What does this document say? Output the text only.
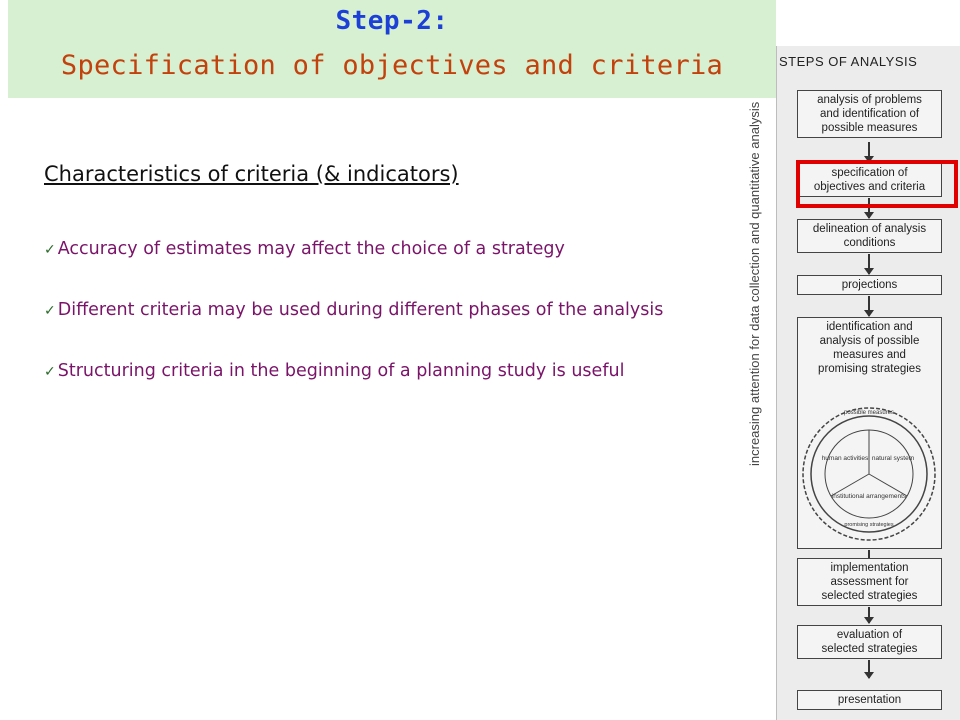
Step-2:
Specification of objectives and criteria
Characteristics of criteria (& indicators)
✓ Accuracy of estimates may affect the choice of a strategy
✓ Different criteria may be used during different phases of the analysis
✓ Structuring criteria in the beginning of a planning study is useful
STEPS OF ANALYSIS
increasing attention for data collection and quantitative analysis
analysis of problems
and identification of
possible measures
specification of
objectives and criteria
delineation of analysis
conditions
projections
identification and
analysis of possible
measures and
promising strategies
possible measures
human activities natural system
institutional arrangements
promising strategies
implementation
assessment for
selected strategies
evaluation of
selected strategies
presentation
